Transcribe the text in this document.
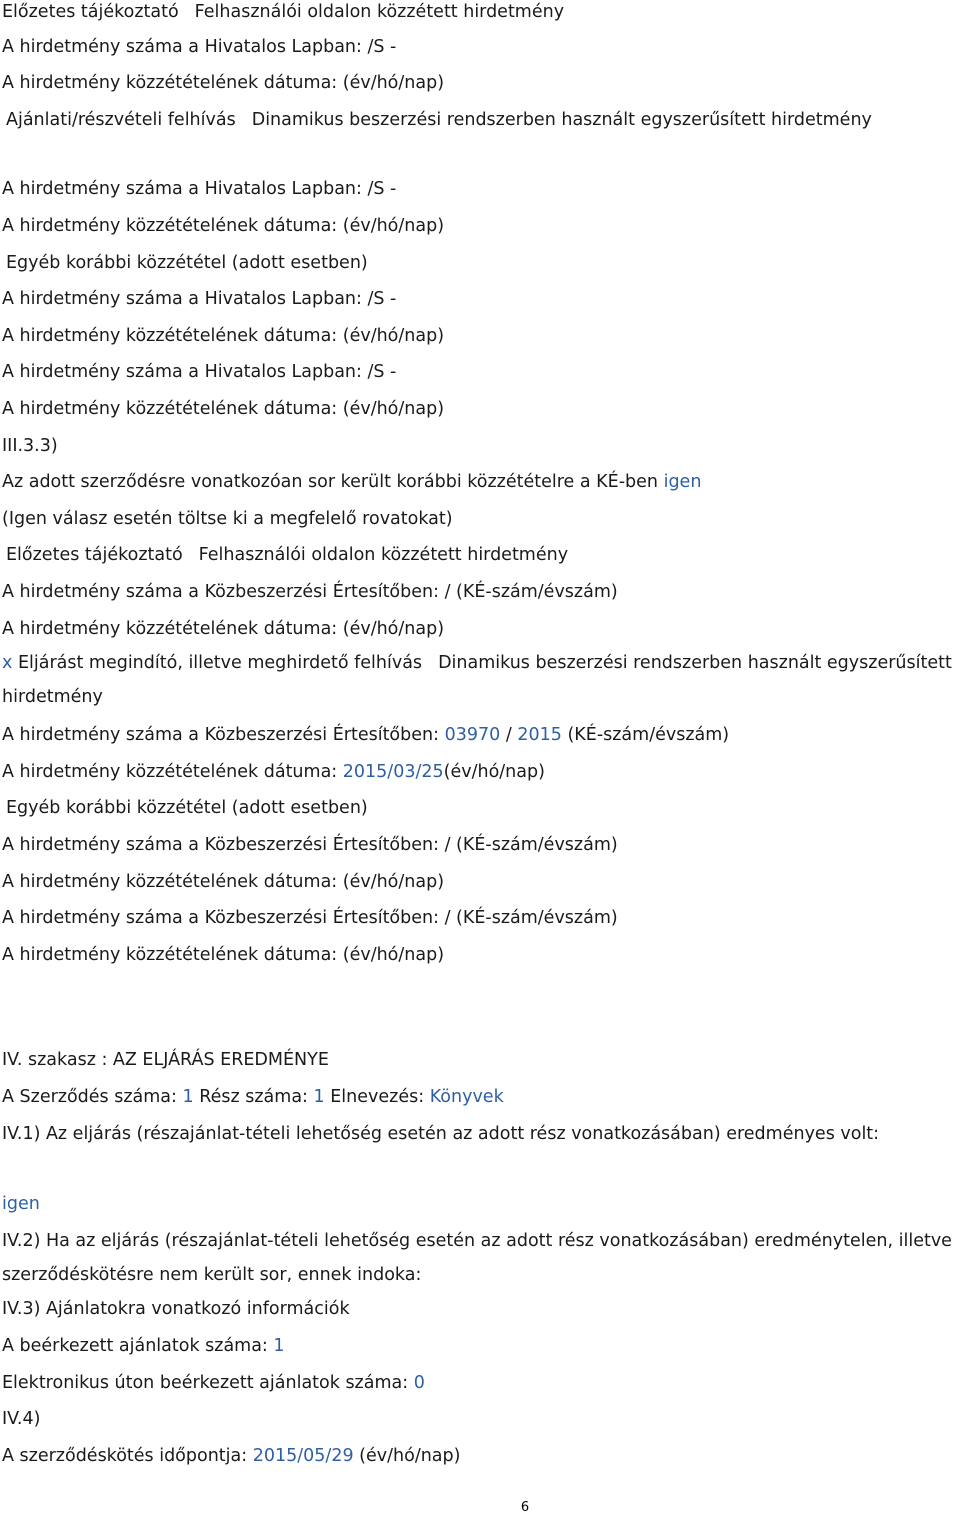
Előzetes tájékoztató Felhasználói oldalon közzétett hirdetmény
A hirdetmény száma a Hivatalos Lapban: /S -
A hirdetmény közzétételének dátuma: (év/hó/nap)
Ajánlati/részvételi felhívás Dinamikus beszerzési rendszerben használt egyszerűsített hirdetmény
A hirdetmény száma a Hivatalos Lapban: /S -
A hirdetmény közzétételének dátuma: (év/hó/nap)
Egyéb korábbi közzététel (adott esetben)
A hirdetmény száma a Hivatalos Lapban: /S -
A hirdetmény közzétételének dátuma: (év/hó/nap)
A hirdetmény száma a Hivatalos Lapban: /S -
A hirdetmény közzétételének dátuma: (év/hó/nap)
III.3.3)
Az adott szerződésre vonatkozóan sor került korábbi közzétételre a KÉ-ben igen
(Igen válasz esetén töltse ki a megfelelő rovatokat)
Előzetes tájékoztató Felhasználói oldalon közzétett hirdetmény
A hirdetmény száma a Közbeszerzési Értesítőben: / (KÉ-szám/évszám)
A hirdetmény közzétételének dátuma: (év/hó/nap)
x Eljárást megindító, illetve meghirdető felhívás Dinamikus beszerzési rendszerben használt egyszerűsített hirdetmény
A hirdetmény száma a Közbeszerzési Értesítőben: 03970 / 2015 (KÉ-szám/évszám)
A hirdetmény közzétételének dátuma: 2015/03/25(év/hó/nap)
Egyéb korábbi közzététel (adott esetben)
A hirdetmény száma a Közbeszerzési Értesítőben: / (KÉ-szám/évszám)
A hirdetmény közzétételének dátuma: (év/hó/nap)
A hirdetmény száma a Közbeszerzési Értesítőben: / (KÉ-szám/évszám)
A hirdetmény közzétételének dátuma: (év/hó/nap)
IV. szakasz : AZ ELJÁRÁS EREDMÉNYE
A Szerződés száma: 1 Rész száma: 1 Elnevezés: Könyvek
IV.1) Az eljárás (részajánlat-tételi lehetőség esetén az adott rész vonatkozásában) eredményes volt:
igen
IV.2) Ha az eljárás (részajánlat-tételi lehetőség esetén az adott rész vonatkozásában) eredménytelen, illetve szerződéskötésre nem került sor, ennek indoka:
IV.3) Ajánlatokra vonatkozó információk
A beérkezett ajánlatok száma: 1
Elektronikus úton beérkezett ajánlatok száma: 0
IV.4)
A szerződéskötés időpontja: 2015/05/29 (év/hó/nap)
6
